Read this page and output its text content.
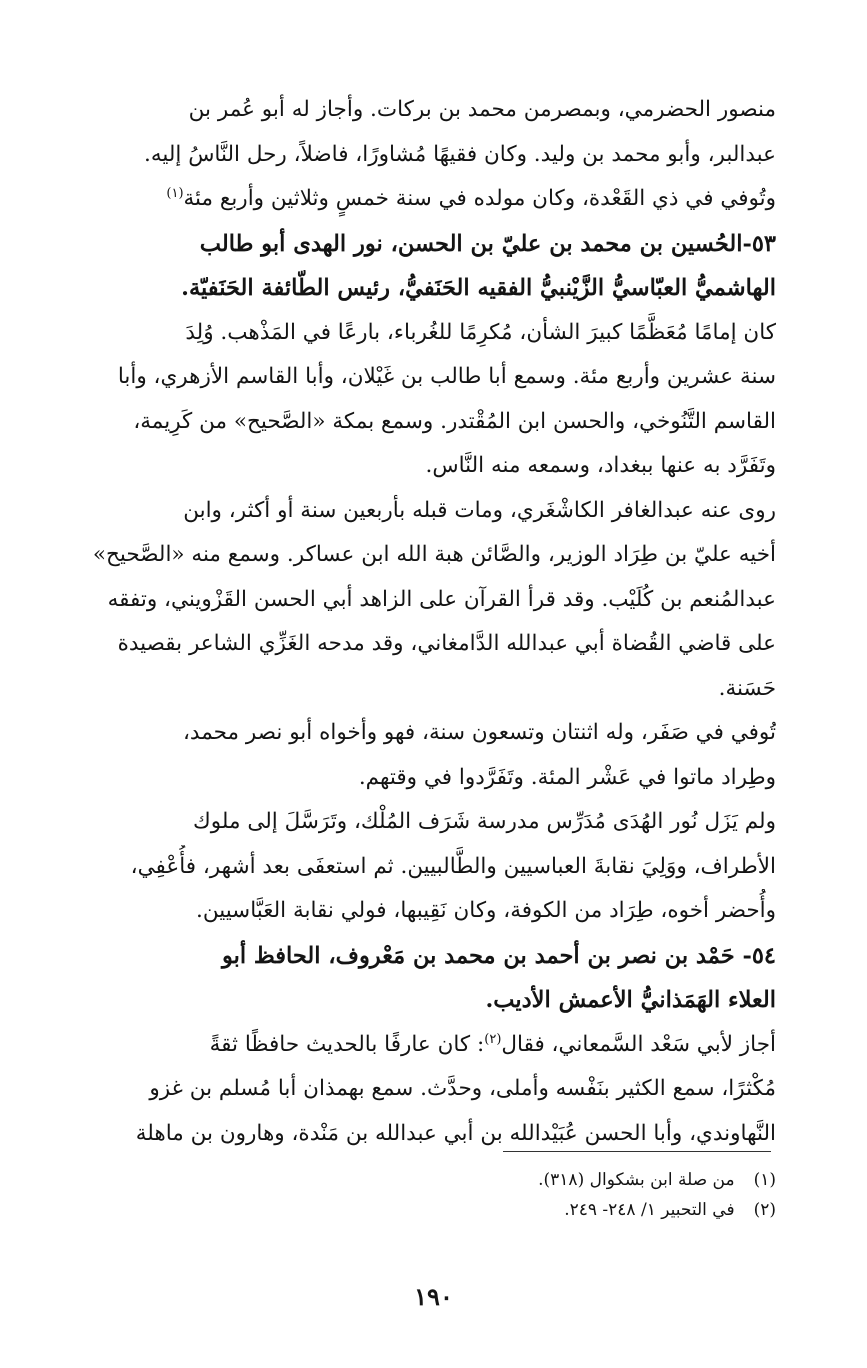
منصور الحضرمي، وبمصرمن محمد بن بركات. وأجاز له أبو عُمر بن
عبدالبر، وأبو محمد بن وليد. وكان فقيهًا مُشاورًا، فاضلاً، رحل النَّاسُ إليه.
وتُوفي في ذي القَعْدة، وكان مولده في سنة خمسٍ وثلاثين وأربع مئة$^{(١)}$
٥٣-الحُسين بن محمد بن عليّ بن الحسن، نور الهدى أبو طالب
الهاشميُّ العبّاسيُّ الزَّيْنبيُّ الفقيه الحَنَفيُّ، رئيس الطّائفة الحَنَفيّة.
كان إمامًا مُعَظَّمًا كبيرَ الشأن، مُكرِمًا للغُرباء، بارعًا في المَذْهب. وُلِدَ
سنة عشرين وأربع مئة. وسمع أبا طالب بن غَيْلان، وأبا القاسم الأزهري، وأبا
القاسم التَّنُوخي، والحسن ابن المُقْتدر. وسمع بمكة «الصَّحيح» من كَرِيمة،
وتَفَرَّد به عنها ببغداد، وسمعه منه النَّاس.
روى عنه عبدالغافر الكاشْغَري، ومات قبله بأربعين سنة أو أكثر، وابن
أخيه عليّ بن طِرَاد الوزير، والصَّائن هبة الله ابن عساكر. وسمع منه «الصَّحيح»
عبدالمُنعم بن كُلَيْب. وقد قرأ القرآن على الزاهد أبي الحسن القَزْويني، وتفقه
على قاضي القُضاة أبي عبدالله الدَّامغاني، وقد مدحه الغَزِّي الشاعر بقصيدة
حَسَنة.
تُوفي في صَفَر، وله اثنتان وتسعون سنة، فهو وأخواه أبو نصر محمد،
وطِراد ماتوا في عَشْر المئة. وتَفَرَّدوا في وقتهم.
ولم يَزَل نُور الهُدَى مُدَرِّس مدرسة شَرَف المُلْك، وتَرَسَّلَ إلى ملوك
الأطراف، ووَلِيَ نقابةَ العباسيين والطَّالبيين. ثم استعفَى بعد أشهر، فأُعْفِي،
وأُحضر أخوه، طِرَاد من الكوفة، وكان نَقِيبها، فولي نقابة العَبَّاسيين.
٥٤- حَمْد بن نصر بن أحمد بن محمد بن مَعْروف، الحافظ أبو
العلاء الهَمَذانيُّ الأعمش الأديب.
أجاز لأبي سَعْد السَّمعاني، فقال$^{(٢)}$: كان عارفًا بالحديث حافظًا ثقةً
مُكْثرًا، سمع الكثير بنَفْسه وأملى، وحدَّث. سمع بهمذان أبا مُسلم بن غزو
النَّهاوندي، وأبا الحسن عُبَيْدالله بن أبي عبدالله بن مَنْدة، وهارون بن ماهلة
(١) من صلة ابن بشكوال (٣١٨).
(٢) في التحبير ١/ ٢٤٨- ٢٤٩.
١٩٠
